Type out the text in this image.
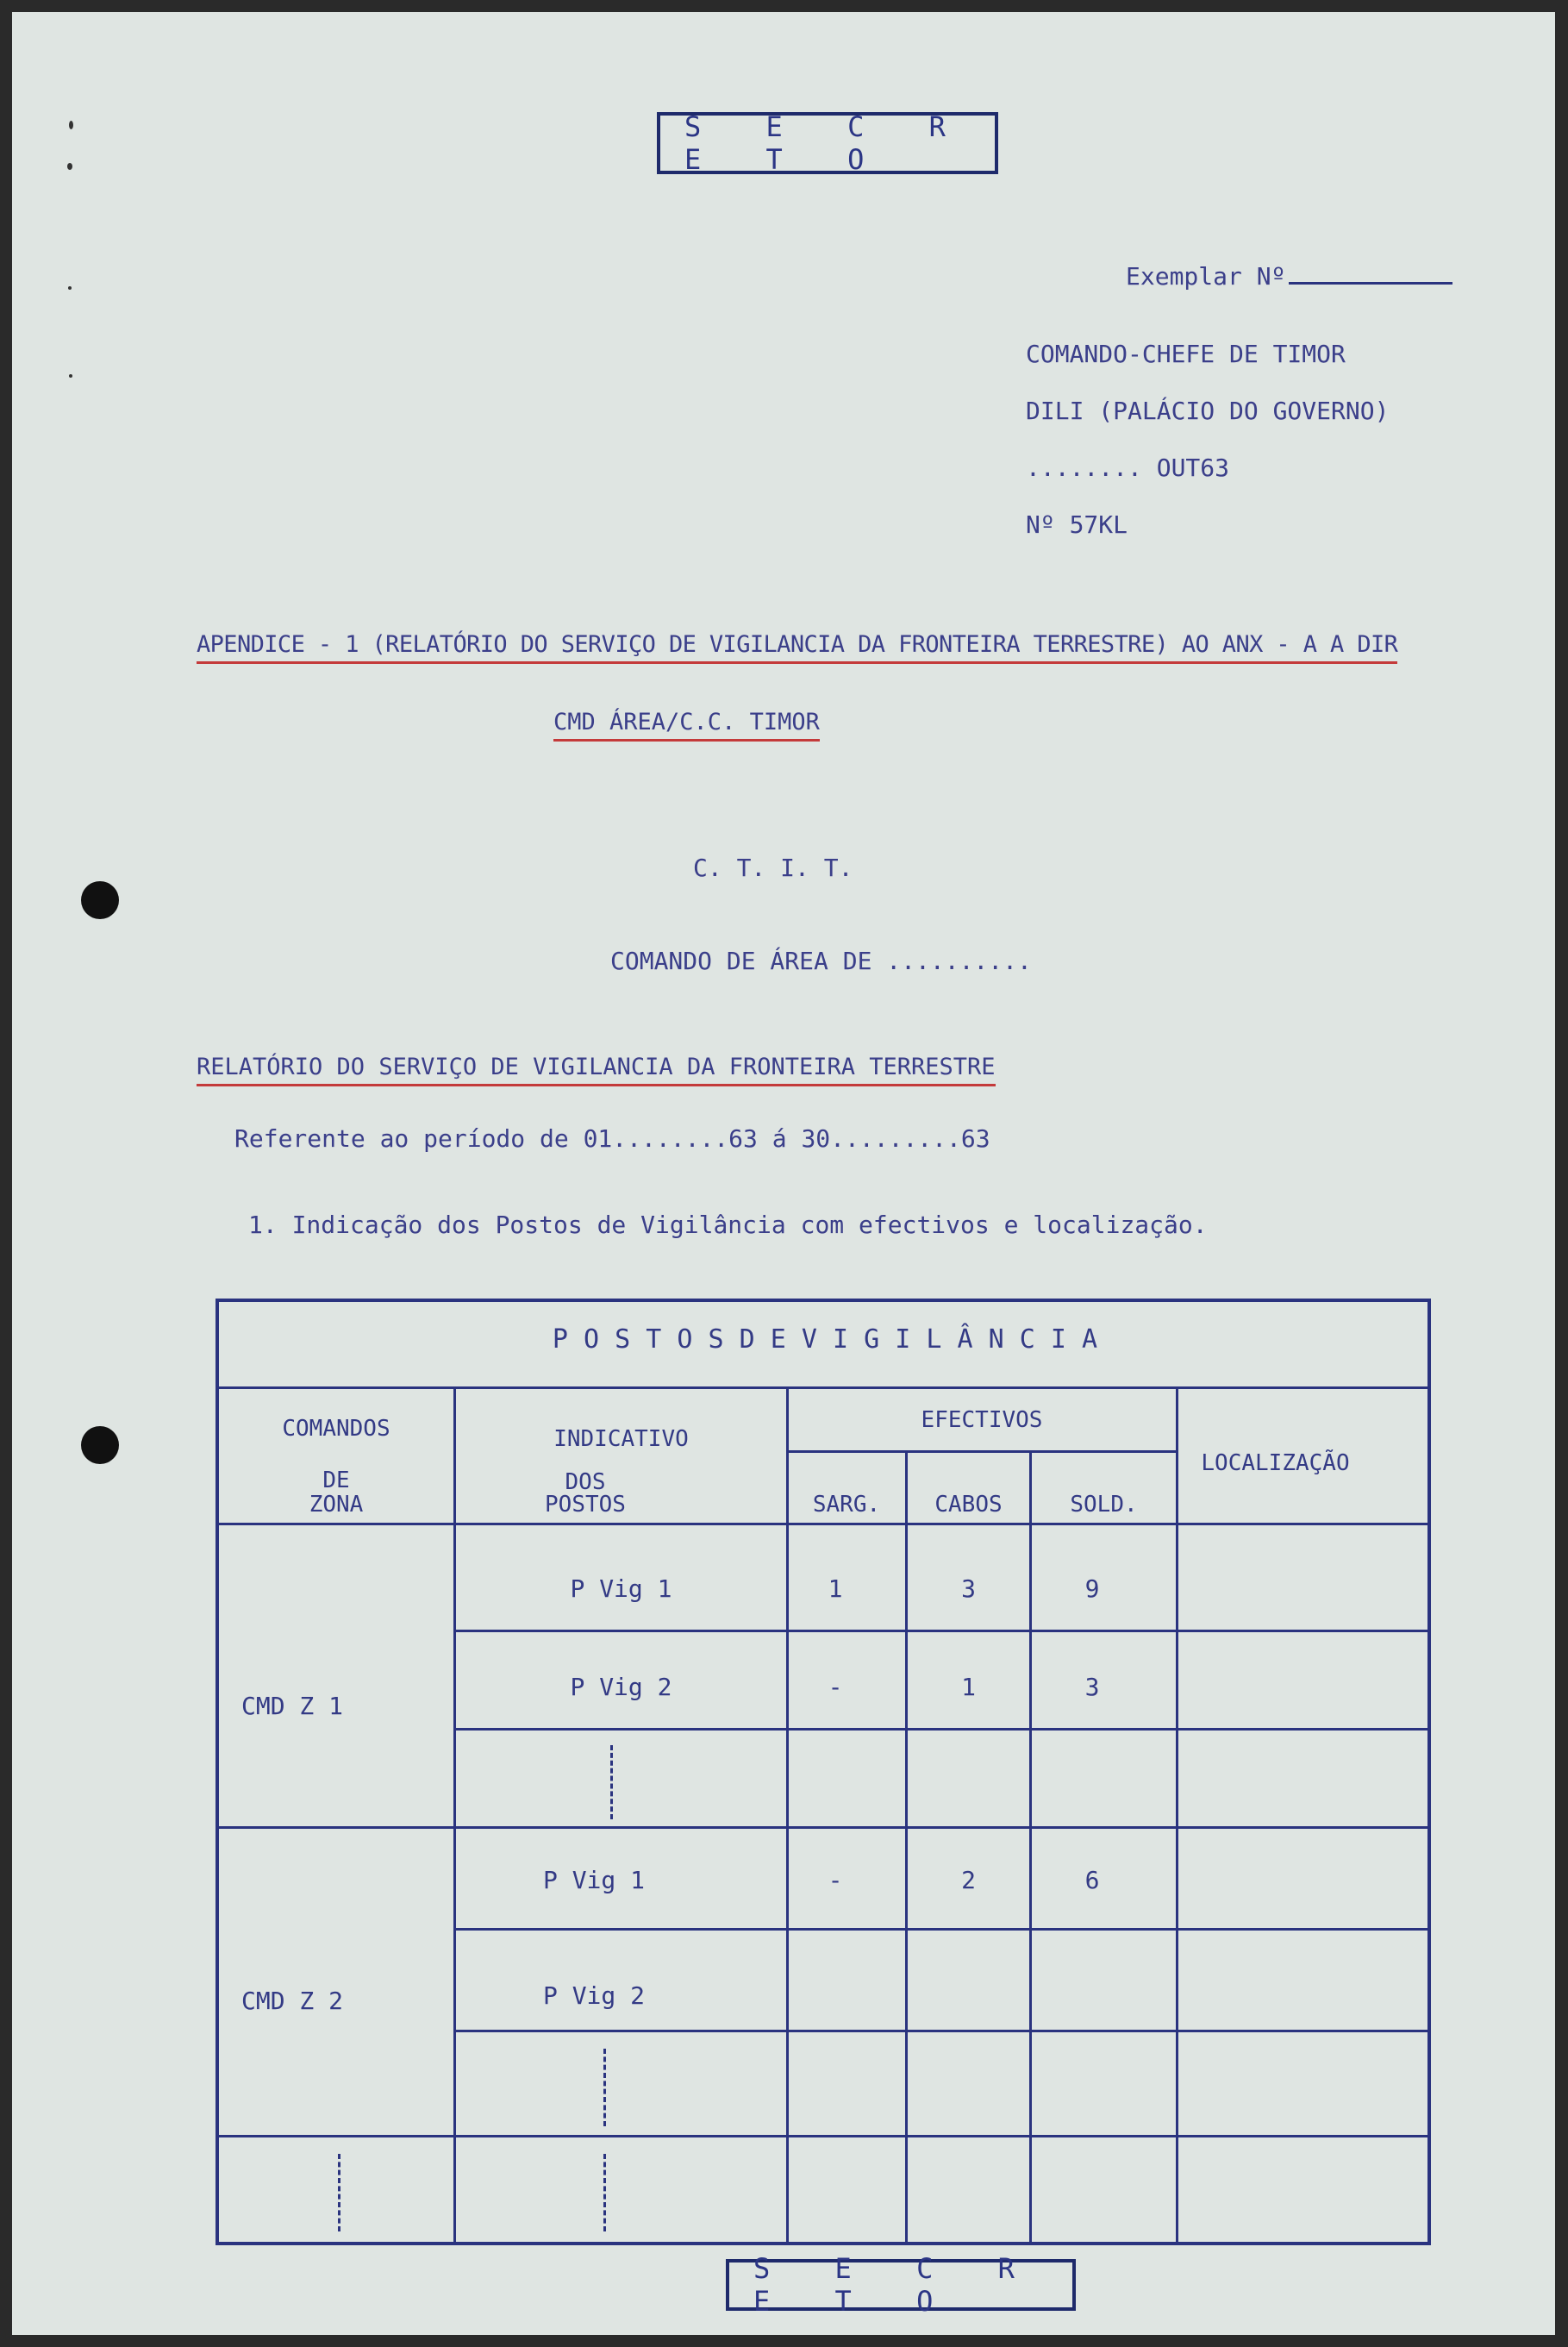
S E C R E T O
Exemplar Nº
COMANDO-CHEFE DE TIMOR
DILI (PALÁCIO DO GOVERNO)
........ OUT63
Nº 57KL
APENDICE - 1 (RELATÓRIO DO SERVIÇO DE VIGILANCIA DA FRONTEIRA TERRESTRE) AO ANX - A A DIR
CMD ÁREA/C.C. TIMOR
C. T. I. T.
COMANDO DE ÁREA DE ..........
RELATÓRIO DO SERVIÇO DE VIGILANCIA DA FRONTEIRA TERRESTRE
Referente ao período de 01........63 á 30.........63
1. Indicação dos Postos de Vigilância com efectivos e localização.
P O S T O S D E V I G I L Â N C I A
COMANDOS
DE
ZONA
INDICATIVO
DOS
POSTOS
EFECTIVOS
SARG.	CABOS	SOLD.
LOCALIZAÇÃO
CMD Z 1
P Vig 1	1	3	9
P Vig 2	-	1	3
CMD Z 2
P Vig 1	-	2	6
P Vig 2
S E C R E T O
